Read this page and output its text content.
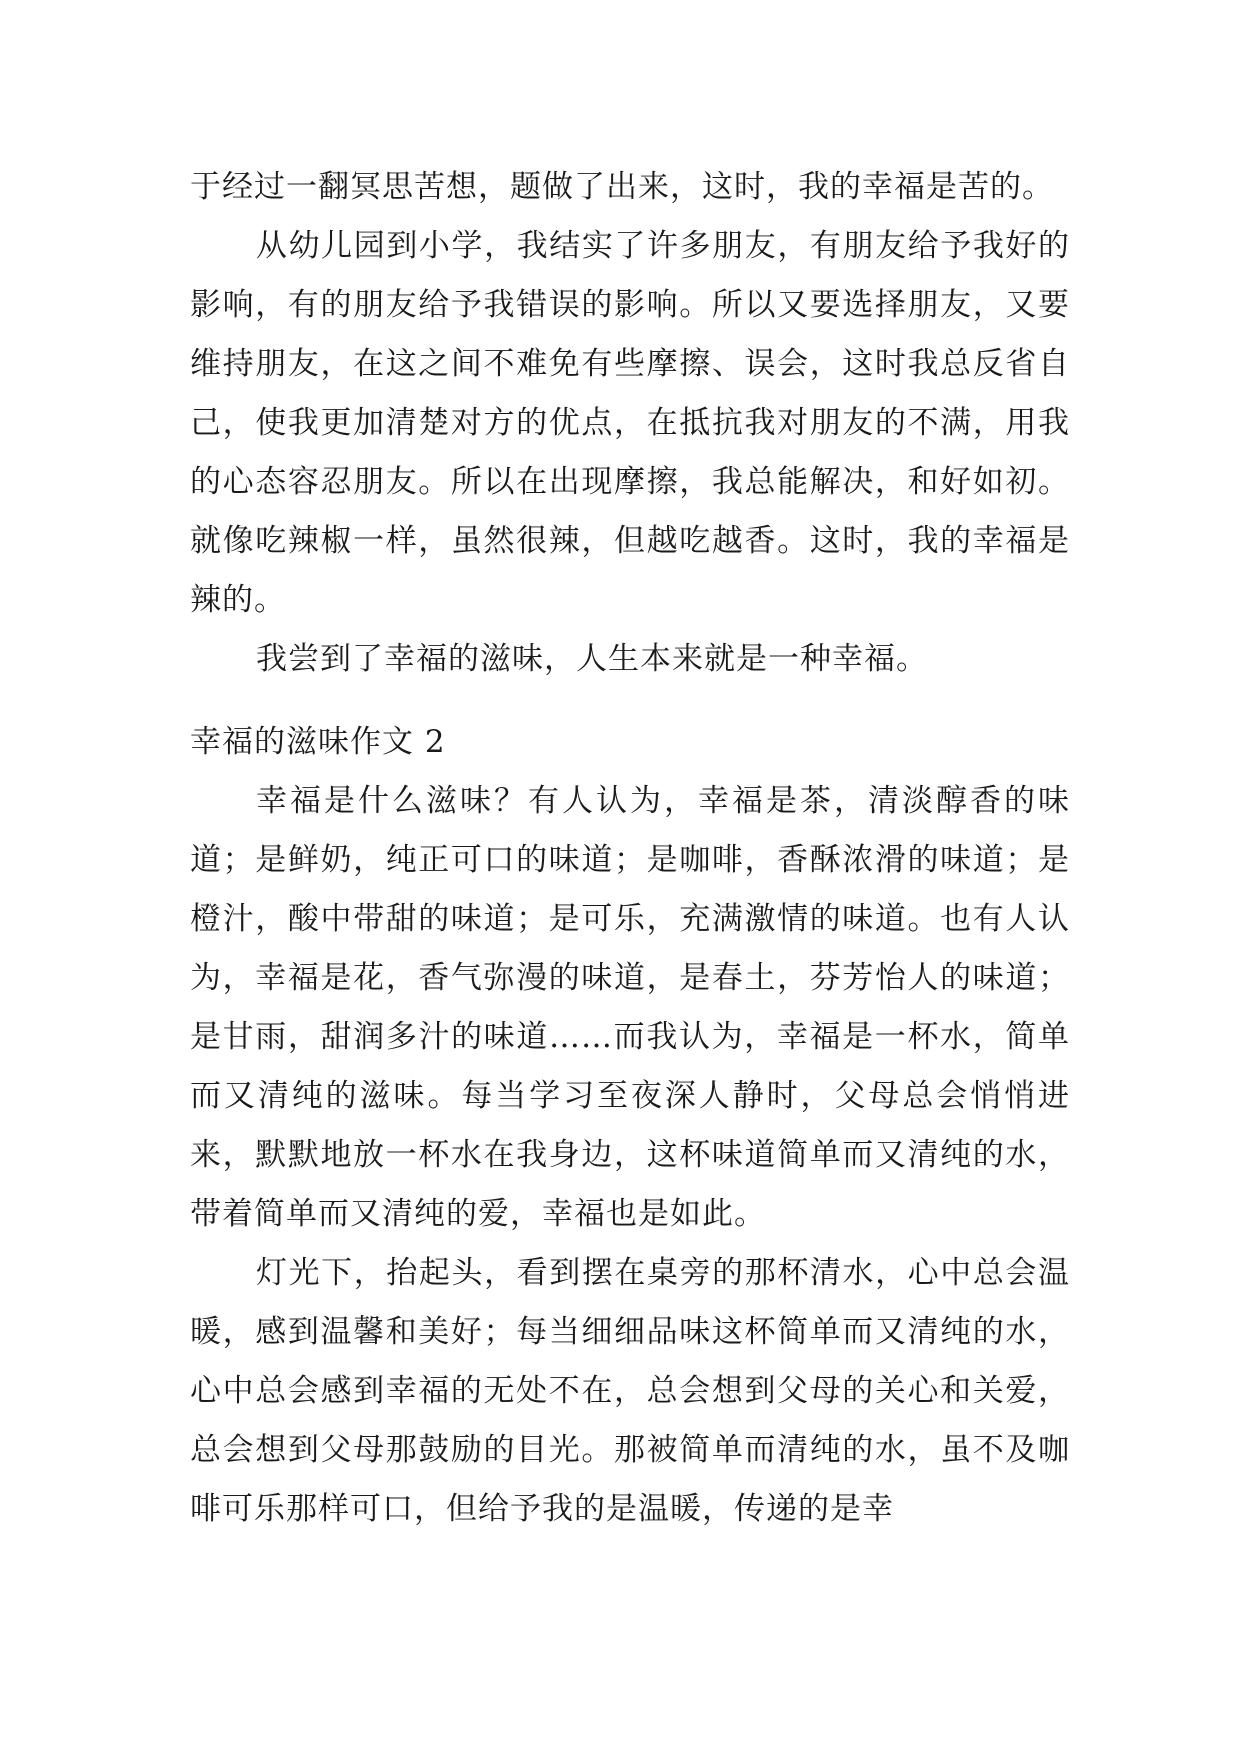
于经过一翻冥思苦想，题做了出来，这时，我的幸福是苦的。

从幼儿园到小学，我结实了许多朋友，有朋友给予我好的影响，有的朋友给予我错误的影响。所以又要选择朋友，又要维持朋友，在这之间不难免有些摩擦、误会，这时我总反省自己，使我更加清楚对方的优点，在抵抗我对朋友的不满，用我的心态容忍朋友。所以在出现摩擦，我总能解决，和好如初。就像吃辣椒一样，虽然很辣，但越吃越香。这时，我的幸福是辣的。

我尝到了幸福的滋味，人生本来就是一种幸福。

幸福的滋味作文 2

幸福是什么滋味？有人认为，幸福是茶，清淡醇香的味道；是鲜奶，纯正可口的味道；是咖啡，香酥浓滑的味道；是橙汁，酸中带甜的味道；是可乐，充满激情的味道。也有人认为，幸福是花，香气弥漫的味道，是春土，芬芳怡人的味道；是甘雨，甜润多汁的味道……而我认为，幸福是一杯水，简单而又清纯的滋味。每当学习至夜深人静时，父母总会悄悄进来，默默地放一杯水在我身边，这杯味道简单而又清纯的水，带着简单而又清纯的爱，幸福也是如此。

灯光下，抬起头，看到摆在桌旁的那杯清水，心中总会温暖，感到温馨和美好；每当细细品味这杯简单而又清纯的水，心中总会感到幸福的无处不在，总会想到父母的关心和关爱，总会想到父母那鼓励的目光。那被简单而清纯的水，虽不及咖啡可乐那样可口，但给予我的是温暖，传递的是幸
